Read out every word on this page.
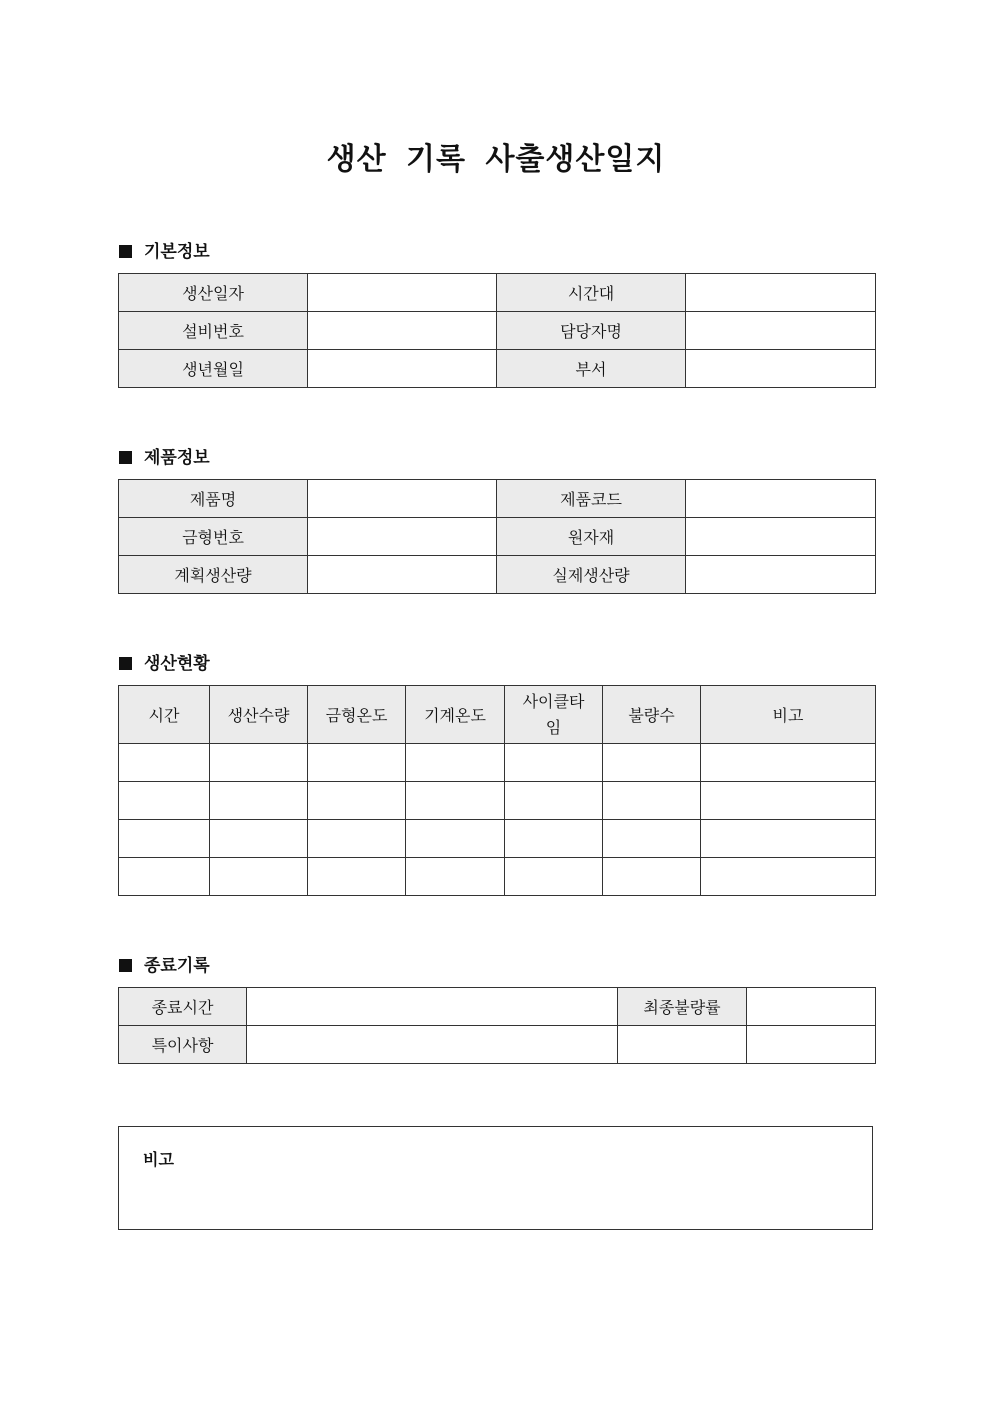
생산 기록 사출생산일지
기본정보
생산일자		시간대	
설비번호		담당자명	
생년월일		부서	
제품정보
제품명		제품코드	
금형번호		원자재	
계획생산량		실제생산량	
생산현황
시간	생산수량	금형온도	기계온도	사이클타임	불량수	비고

종료기록
종료시간		최종불량률	
특이사항			
비고
